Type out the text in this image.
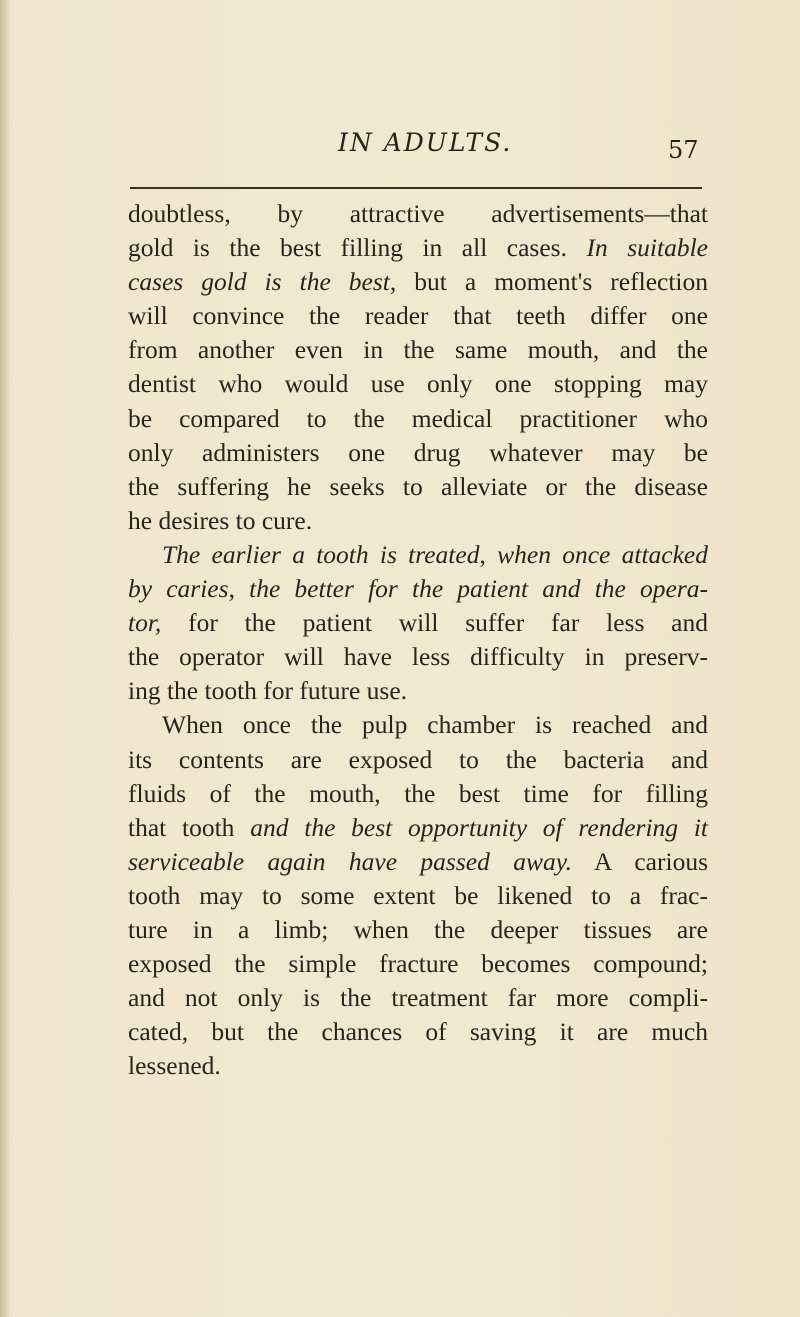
IN ADULTS.	57
doubtless, by attractive advertisements—that
gold is the best filling in all cases. In suitable
cases gold is the best, but a moment's reflection
will convince the reader that teeth differ one
from another even in the same mouth, and the
dentist who would use only one stopping may
be compared to the medical practitioner who
only administers one drug whatever may be
the suffering he seeks to alleviate or the disease
he desires to cure.
The earlier a tooth is treated, when once attacked
by caries, the better for the patient and the opera-
tor, for the patient will suffer far less and
the operator will have less difficulty in preserv-
ing the tooth for future use.
When once the pulp chamber is reached and
its contents are exposed to the bacteria and
fluids of the mouth, the best time for filling
that tooth and the best opportunity of rendering it
serviceable again have passed away. A carious
tooth may to some extent be likened to a frac-
ture in a limb; when the deeper tissues are
exposed the simple fracture becomes compound;
and not only is the treatment far more compli-
cated, but the chances of saving it are much
lessened.
